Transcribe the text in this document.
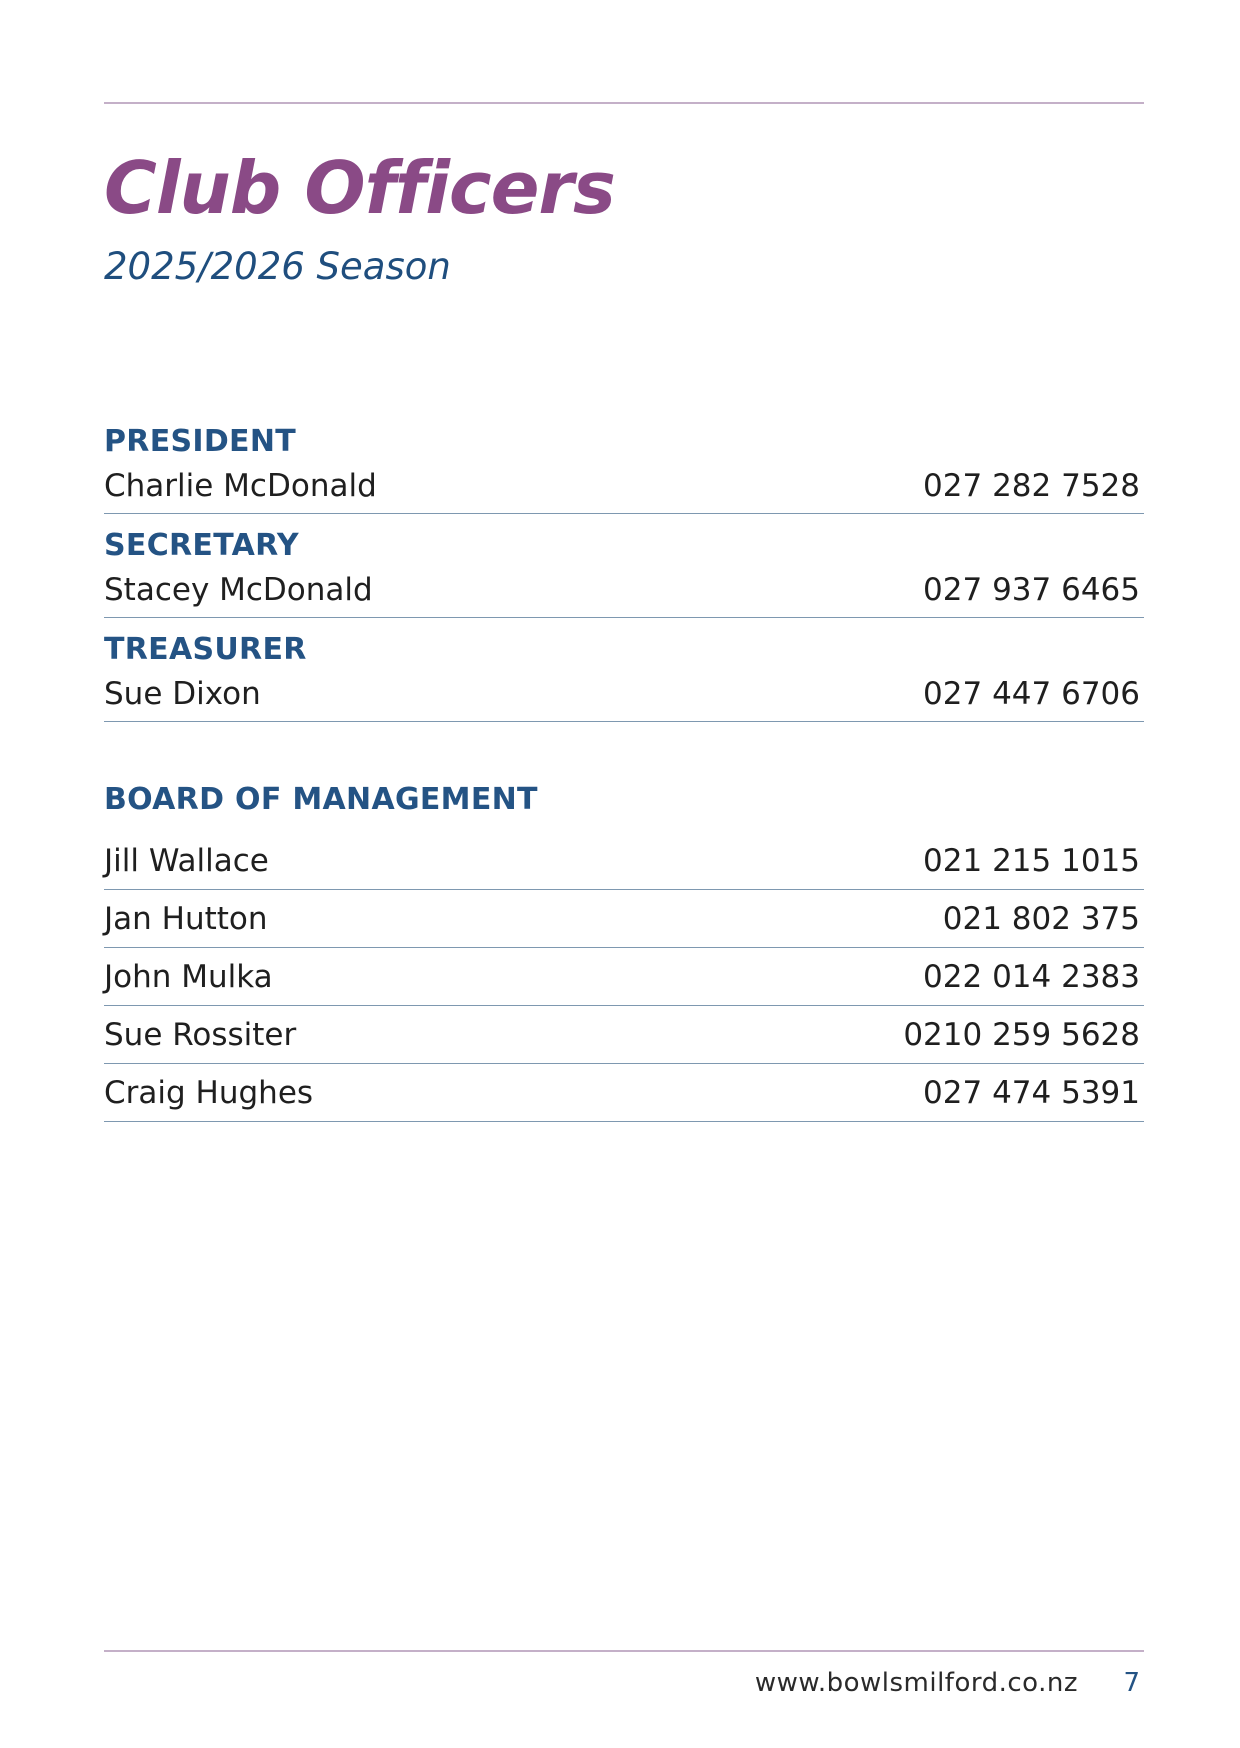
Club Officers
2025/2026 Season
PRESIDENT
Charlie McDonald	027 282 7528
SECRETARY
Stacey McDonald	027 937 6465
TREASURER
Sue Dixon	027 447 6706
BOARD OF MANAGEMENT
Jill Wallace	021 215 1015
Jan Hutton	021 802 375
John Mulka	022 014 2383
Sue Rossiter	0210 259 5628
Craig Hughes	027 474 5391
www.bowlsmilford.co.nz 7
